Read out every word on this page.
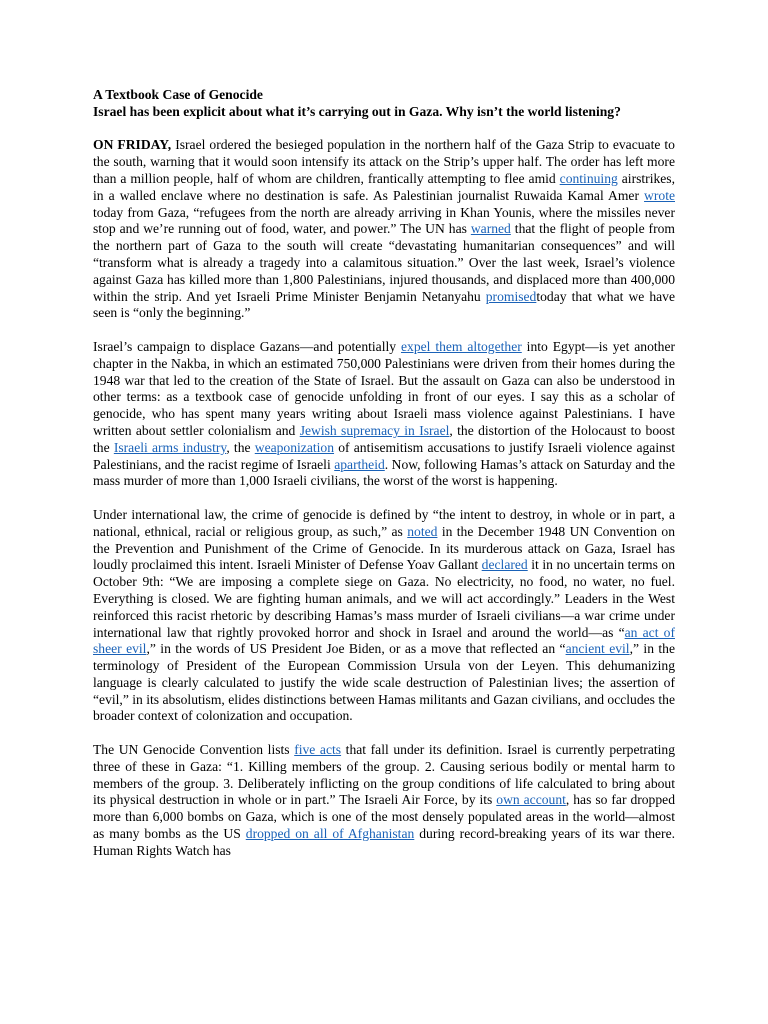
A Textbook Case of Genocide
Israel has been explicit about what it’s carrying out in Gaza. Why isn’t the world listening?

ON FRIDAY, Israel ordered the besieged population in the northern half of the Gaza Strip to evacuate to the south, warning that it would soon intensify its attack on the Strip’s upper half. The order has left more than a million people, half of whom are children, frantically attempting to flee amid continuing airstrikes, in a walled enclave where no destination is safe. As Palestinian journalist Ruwaida Kamal Amer wrote today from Gaza, “refugees from the north are already arriving in Khan Younis, where the missiles never stop and we’re running out of food, water, and power.” The UN has warned that the flight of people from the northern part of Gaza to the south will create “devastating humanitarian consequences” and will “transform what is already a tragedy into a calamitous situation.” Over the last week, Israel’s violence against Gaza has killed more than 1,800 Palestinians, injured thousands, and displaced more than 400,000 within the strip. And yet Israeli Prime Minister Benjamin Netanyahu promisedtoday that what we have seen is “only the beginning.”

Israel’s campaign to displace Gazans—and potentially expel them altogether into Egypt—is yet another chapter in the Nakba, in which an estimated 750,000 Palestinians were driven from their homes during the 1948 war that led to the creation of the State of Israel. But the assault on Gaza can also be understood in other terms: as a textbook case of genocide unfolding in front of our eyes. I say this as a scholar of genocide, who has spent many years writing about Israeli mass violence against Palestinians. I have written about settler colonialism and Jewish supremacy in Israel, the distortion of the Holocaust to boost the Israeli arms industry, the weaponization of antisemitism accusations to justify Israeli violence against Palestinians, and the racist regime of Israeli apartheid. Now, following Hamas’s attack on Saturday and the mass murder of more than 1,000 Israeli civilians, the worst of the worst is happening.

Under international law, the crime of genocide is defined by “the intent to destroy, in whole or in part, a national, ethnical, racial or religious group, as such,” as noted in the December 1948 UN Convention on the Prevention and Punishment of the Crime of Genocide. In its murderous attack on Gaza, Israel has loudly proclaimed this intent. Israeli Minister of Defense Yoav Gallant declared it in no uncertain terms on October 9th: “We are imposing a complete siege on Gaza. No electricity, no food, no water, no fuel. Everything is closed. We are fighting human animals, and we will act accordingly.” Leaders in the West reinforced this racist rhetoric by describing Hamas’s mass murder of Israeli civilians—a war crime under international law that rightly provoked horror and shock in Israel and around the world—as “an act of sheer evil,” in the words of US President Joe Biden, or as a move that reflected an “ancient evil,” in the terminology of President of the European Commission Ursula von der Leyen. This dehumanizing language is clearly calculated to justify the wide scale destruction of Palestinian lives; the assertion of “evil,” in its absolutism, elides distinctions between Hamas militants and Gazan civilians, and occludes the broader context of colonization and occupation.

The UN Genocide Convention lists five acts that fall under its definition. Israel is currently perpetrating three of these in Gaza: “1. Killing members of the group. 2. Causing serious bodily or mental harm to members of the group. 3. Deliberately inflicting on the group conditions of life calculated to bring about its physical destruction in whole or in part.” The Israeli Air Force, by its own account, has so far dropped more than 6,000 bombs on Gaza, which is one of the most densely populated areas in the world—almost as many bombs as the US dropped on all of Afghanistan during record-breaking years of its war there. Human Rights Watch has
